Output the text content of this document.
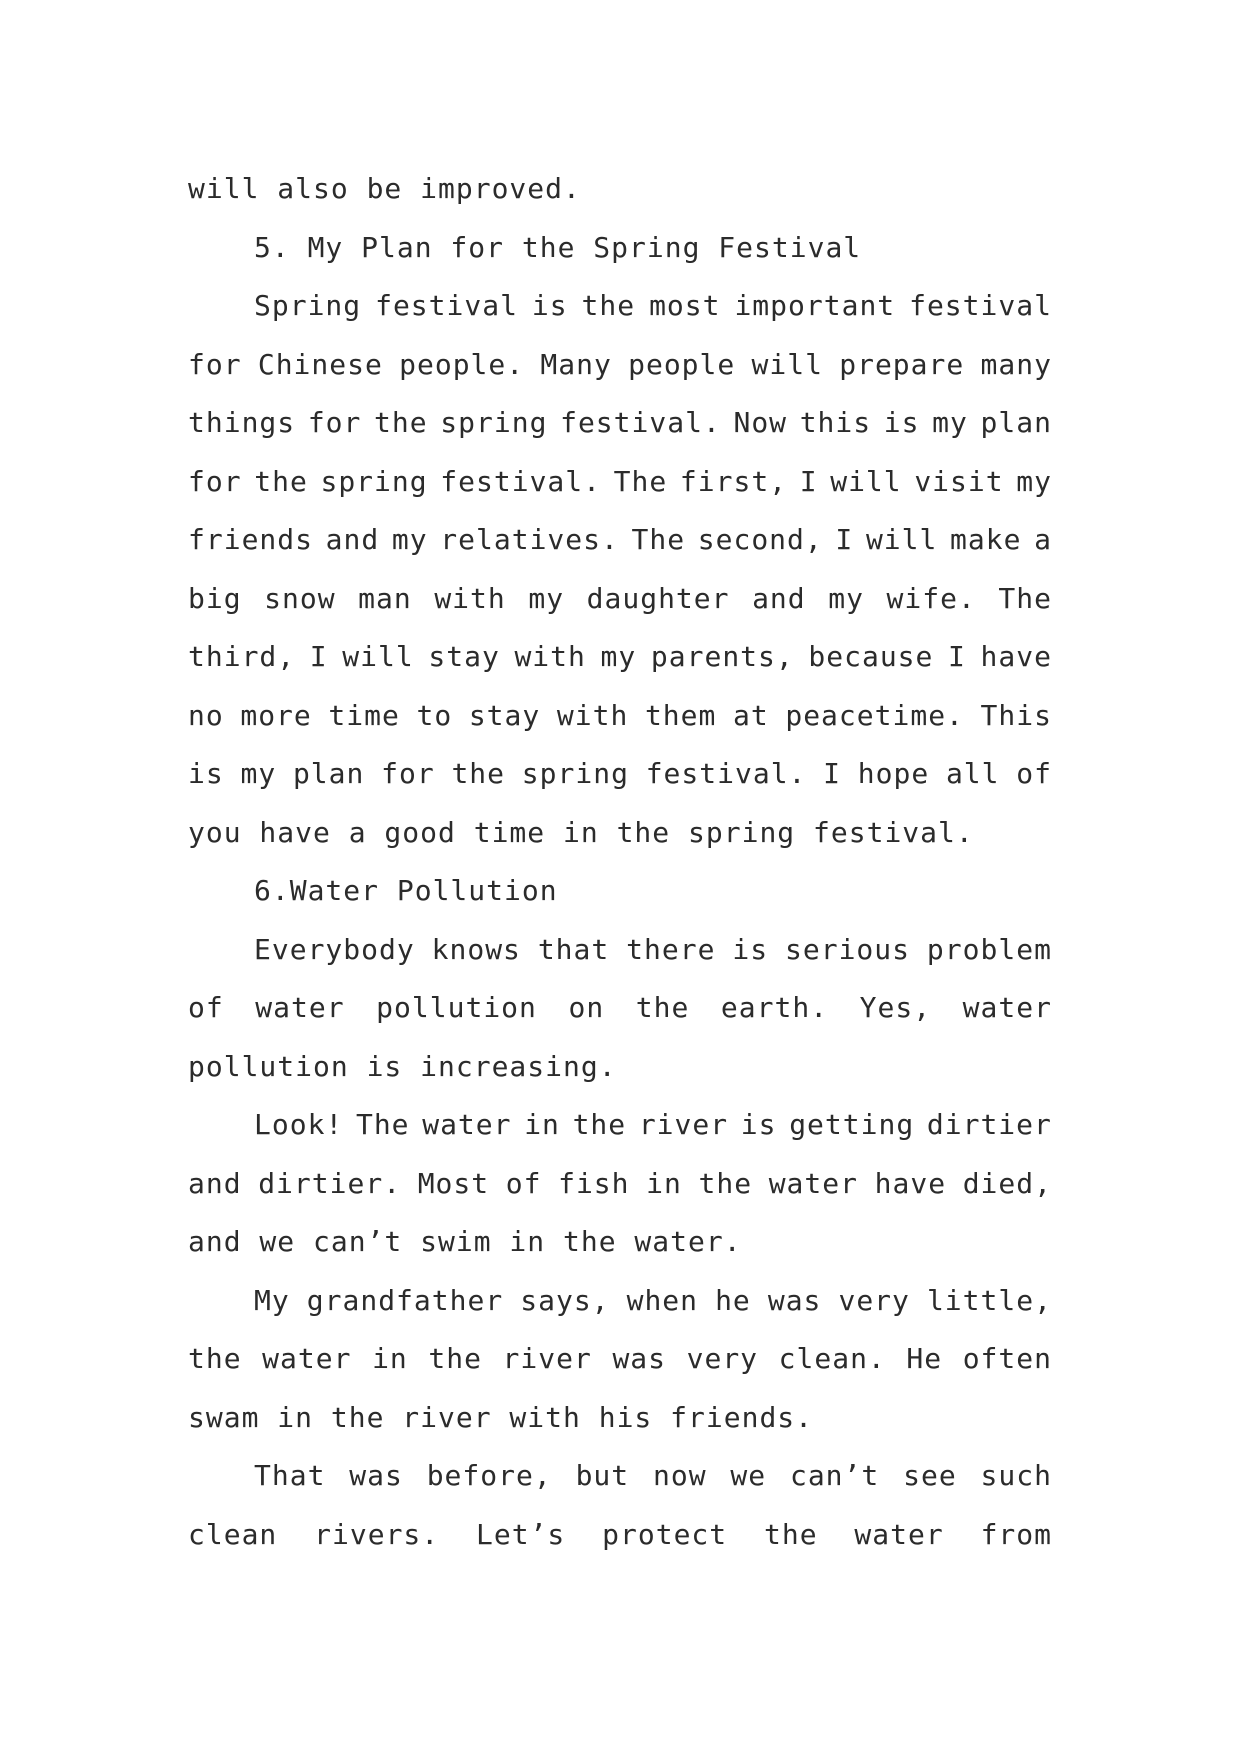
will also be improved.
5. My Plan for the Spring Festival
Spring festival is the most important festival
for Chinese people. Many people will prepare many
things for the spring festival. Now this is my plan
for the spring festival. The first, I will visit my
friends and my relatives. The second, I will make a
big snow man with my daughter and my wife. The
third, I will stay with my parents, because I have
no more time to stay with them at peacetime. This
is my plan for the spring festival. I hope all of
you have a good time in the spring festival.
6.Water Pollution
Everybody knows that there is serious problem
of water pollution on the earth. Yes, water
pollution is increasing.
Look! The water in the river is getting dirtier
and dirtier. Most of fish in the water have died,
and we can’t swim in the water.
My grandfather says, when he was very little,
the water in the river was very clean. He often
swam in the river with his friends.
That was before, but now we can’t see such
clean rivers. Let’s protect the water from
